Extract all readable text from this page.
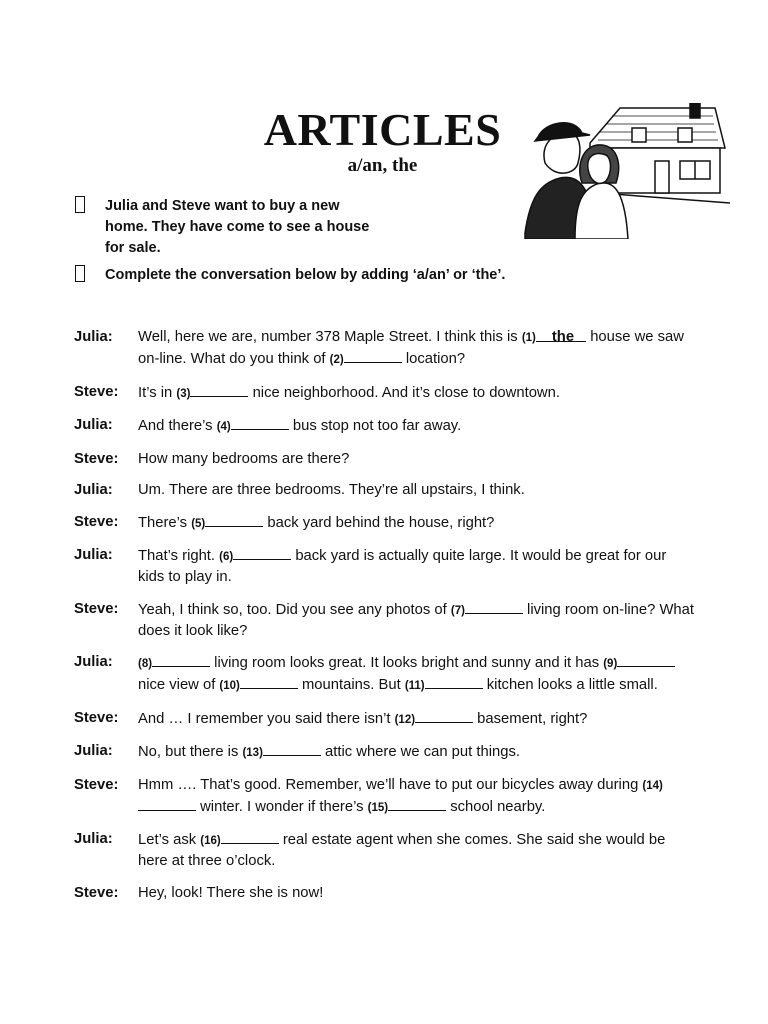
ARTICLES
a/an, the
Julia and Steve want to buy a new home. They have come to see a house for sale.
Complete the conversation below by adding ‘a/an’ or ‘the’.
Julia:	Well, here we are, number 378 Maple Street. I think this is (1) the house we saw on-line. What do you think of (2)	location?
Steve:	It’s in (3)	nice neighborhood. And it’s close to downtown.
Julia:	And there’s (4)	bus stop not too far away.
Steve:	How many bedrooms are there?
Julia:	Um. There are three bedrooms. They’re all upstairs, I think.
Steve:	There’s (5)	back yard behind the house, right?
Julia:	That’s right. (6)	back yard is actually quite large. It would be great for our kids to play in.
Steve:	Yeah, I think so, too. Did you see any photos of (7)	living room on-line? What does it look like?
Julia:	(8)	living room looks great. It looks bright and sunny and it has (9) nice view of (10)	mountains. But (11)	kitchen looks a little small.
Steve:	And … I remember you said there isn’t (12)	basement, right?
Julia:	No, but there is (13)	attic where we can put things.
Steve:	Hmm …. That’s good. Remember, we’ll have to put our bicycles away during (14) winter. I wonder if there’s (15)	school nearby.
Julia:	Let’s ask (16)	real estate agent when she comes. She said she would be here at three o’clock.
Steve:	Hey, look! There she is now!
